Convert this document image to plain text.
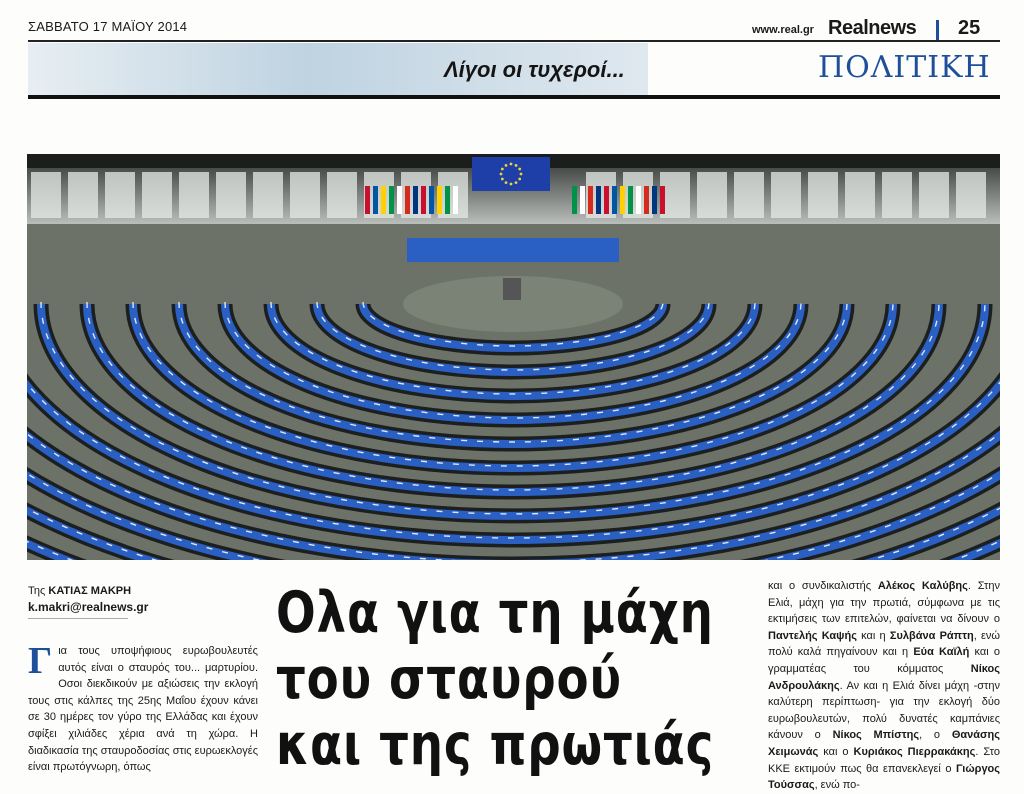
ΣΑΒΒΑΤΟ 17 ΜΑΪΟΥ 2014	www.real.gr Realnews 25
Λίγοι οι τυχεροί...	ΠΟΛΙΤΙΚΗ
Της ΚΑΤΙΑΣ ΜΑΚΡΗ
k.makri@realnews.gr Ολα για τη μάχη
του σταυρού
και της πρωτιάς

Για τους υποψήφιους ευρωβουλευτές αυτός είναι ο σταυρός του... μαρτυρίου. Οσοι διεκδικούν με αξιώσεις την εκλογή τους στις κάλπες της 25ης Μαΐου έχουν κάνει σε 30 ημέρες τον γύρο της Ελλάδας και έχουν σφίξει χιλιάδες χέρια ανά τη χώρα. Η διαδικασία της σταυροδοσίας στις ευρωεκλογές είναι πρωτόγνωρη, όπως

και ο συνδικαλιστής Αλέκος Καλύβης. Στην Ελιά, μάχη για την πρωτιά, σύμφωνα με τις εκτιμήσεις των επιτελών, φαίνεται να δίνουν ο Παντελής Καψής και η Συλβάνα Ράπτη, ενώ πολύ καλά πηγαίνουν και η Εύα Καϊλή και ο γραμματέας του κόμματος Νίκος Ανδρουλάκης. Αν και η Ελιά δίνει μάχη -στην καλύτερη περίπτωση- για την εκλογή δύο ευρωβουλευτών, πολύ δυνατές καμπάνιες κάνουν ο Νίκος Μπίστης, ο Θανάσης Χειμωνάς και ο Κυριάκος Πιερρακάκης. Στο ΚΚΕ εκτιμούν πως θα επανεκλεγεί ο Γιώργος Τούσσας, ενώ πο-
